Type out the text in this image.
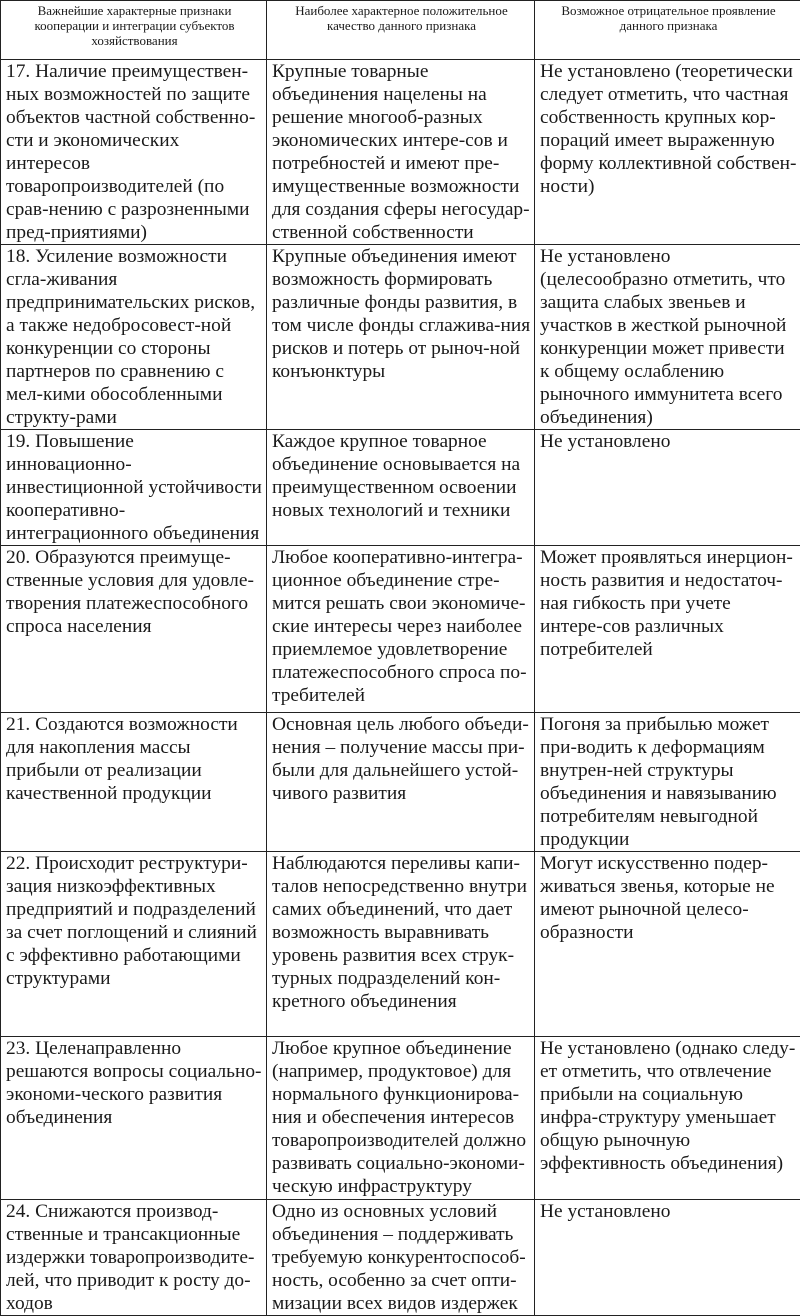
Важнейшие характерные признаки кооперации и интеграции субъектов хозяйствования	Наиболее характерное положительное качество данного признака	Возможное отрицательное проявление данного признака
17. Наличие преимуществен-ных возможностей по защите объектов частной собственно-сти и экономических интересов товаропроизводителей (по срав-нению с разрозненными пред-приятиями)	Крупные товарные объединения нацелены на решение многооб-разных экономических интере-сов и потребностей и имеют пре-имущественные возможности для создания сферы негосудар-ственной собственности	Не установлено (теоретически следует отметить, что частная собственность крупных кор-пораций имеет выраженную форму коллективной собствен-ности)
18. Усиление возможности сгла-живания предпринимательских рисков, а также недобросовест-ной конкуренции со стороны партнеров по сравнению с мел-кими обособленными структу-рами	Крупные объединения имеют возможность формировать различные фонды развития, в том числе фонды сглажива-ния рисков и потерь от рыноч-ной конъюнктуры	Не установлено (целесообразно отметить, что защита слабых звеньев и участков в жесткой рыночной конкуренции может привести к общему ослаблению рыночного иммунитета всего объединения)
19. Повышение инновационно-инвестиционной устойчивости кооперативно-интеграционного объединения	Каждое крупное товарное объединение основывается на преимущественном освоении новых технологий и техники	Не установлено
20. Образуются преимуще-ственные условия для удовле-творения платежеспособного спроса населения	Любое кооперативно-интегра-ционное объединение стре-мится решать свои экономиче-ские интересы через наиболее приемлемое удовлетворение платежеспособного спроса по-требителей	Может проявляться инерцион-ность развития и недостаточ-ная гибкость при учете интере-сов различных потребителей
21. Создаются возможности для накопления массы прибыли от реализации качественной продукции	Основная цель любого объеди-нения – получение массы при-были для дальнейшего устой-чивого развития	Погоня за прибылью может при-водить к деформациям внутрен-ней структуры объединения и навязыванию потребителям невыгодной продукции
22. Происходит реструктури-зация низкоэффективных предприятий и подразделений за счет поглощений и слияний с эффективно работающими структурами	Наблюдаются переливы капи-талов непосредственно внутри самих объединений, что дает возможность выравнивать уровень развития всех струк-турных подразделений кон-кретного объединения	Могут искусственно подер-живаться звенья, которые не имеют рыночной целесо-образности
23. Целенаправленно решаются вопросы социально-экономи-ческого развития объединения	Любое крупное объединение (например, продуктовое) для нормального функционирова-ния и обеспечения интересов товаропроизводителей должно развивать социально-экономи-ческую инфраструктуру	Не установлено (однако следу-ет отметить, что отвлечение прибыли на социальную инфра-структуру уменьшает общую рыночную эффективность объединения)
24. Снижаются производ-ственные и трансакционные издержки товаропроизводите-лей, что приводит к росту до-ходов	Одно из основных условий объединения – поддерживать требуемую конкурентоспособ-ность, особенно за счет опти-мизации всех видов издержек	Не установлено
